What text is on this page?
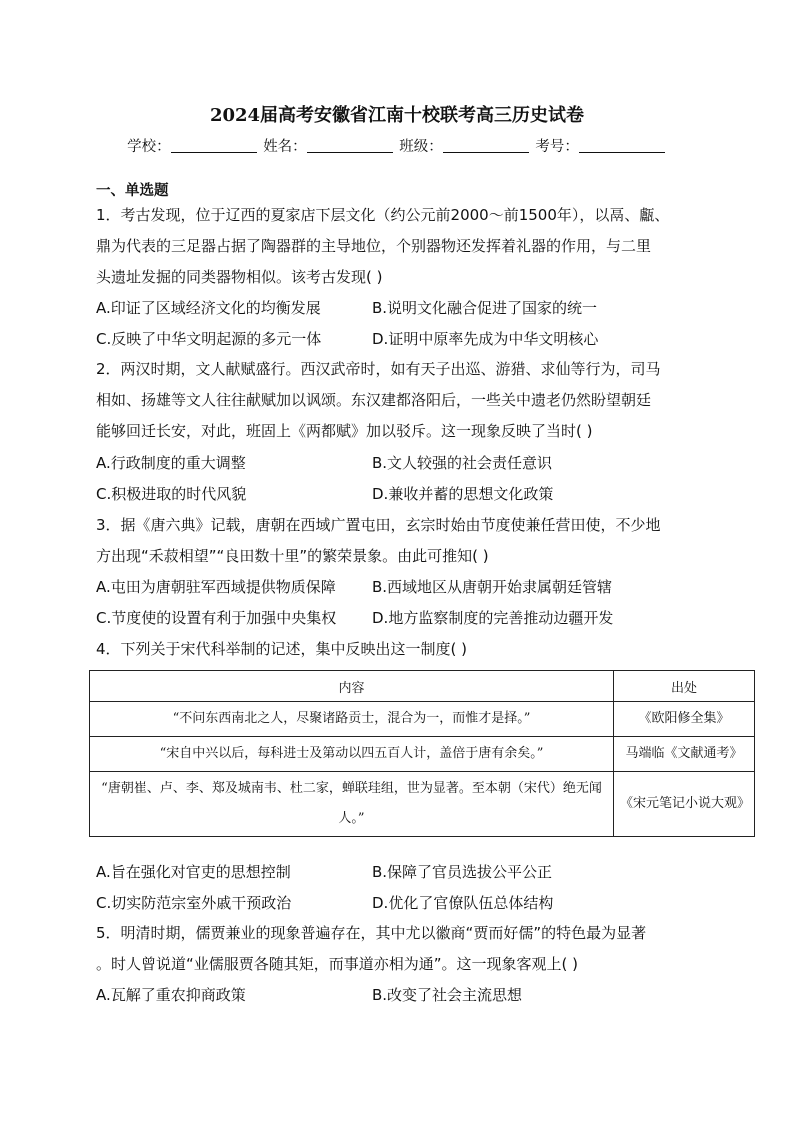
2024届高考安徽省江南十校联考高三历史试卷
学校：	姓名：	班级：	考号：
一、单选题

1．考古发现，位于辽西的夏家店下层文化（约公元前2000～前1500年），以鬲、甗、

鼎为代表的三足器占据了陶器群的主导地位，个别器物还发挥着礼器的作用，与二里

头遗址发掘的同类器物相似。该考古发现( )

A.印证了区域经济文化的均衡发展	B.说明文化融合促进了国家的统一
C.反映了中华文明起源的多元一体	D.证明中原率先成为中华文明核心

2．两汉时期，文人献赋盛行。西汉武帝时，如有天子出巡、游猎、求仙等行为，司马

相如、扬雄等文人往往献赋加以讽颂。东汉建都洛阳后，一些关中遗老仍然盼望朝廷

能够回迁长安，对此，班固上《两都赋》加以驳斥。这一现象反映了当时( )

A.行政制度的重大调整	B.文人较强的社会责任意识
C.积极进取的时代风貌	D.兼收并蓄的思想文化政策

3．据《唐六典》记载，唐朝在西域广置屯田，玄宗时始由节度使兼任营田使，不少地

方出现“禾菽相望”“良田数十里”的繁荣景象。由此可推知( )

A.屯田为唐朝驻军西域提供物质保障 B.西域地区从唐朝开始隶属朝廷管辖
C.节度使的设置有利于加强中央集权 D.地方监察制度的完善推动边疆开发

4．下列关于宋代科举制的记述，集中反映出这一制度( )

内容	出处
“不问东西南北之人，尽聚诸路贡士，混合为一，而惟才是择。”	《欧阳修全集》
“宋自中兴以后，每科进士及第动以四五百人计，盖倍于唐有余矣。”	马端临《文献通考》
“唐朝崔、卢、李、郑及城南韦、杜二家，蝉联珪组，世为显著。至本朝（宋代）绝无闻人。”	《宋元笔记小说大观》
A.旨在强化对官吏的思想控制	B.保障了官员选拔公平公正
C.切实防范宗室外戚干预政治	D.优化了官僚队伍总体结构

5．明清时期，儒贾兼业的现象普遍存在，其中尤以徽商“贾而好儒”的特色最为显著

。时人曾说道“业儒服贾各随其矩，而事道亦相为通”。这一现象客观上( )

A.瓦解了重农抑商政策	B.改变了社会主流思想
